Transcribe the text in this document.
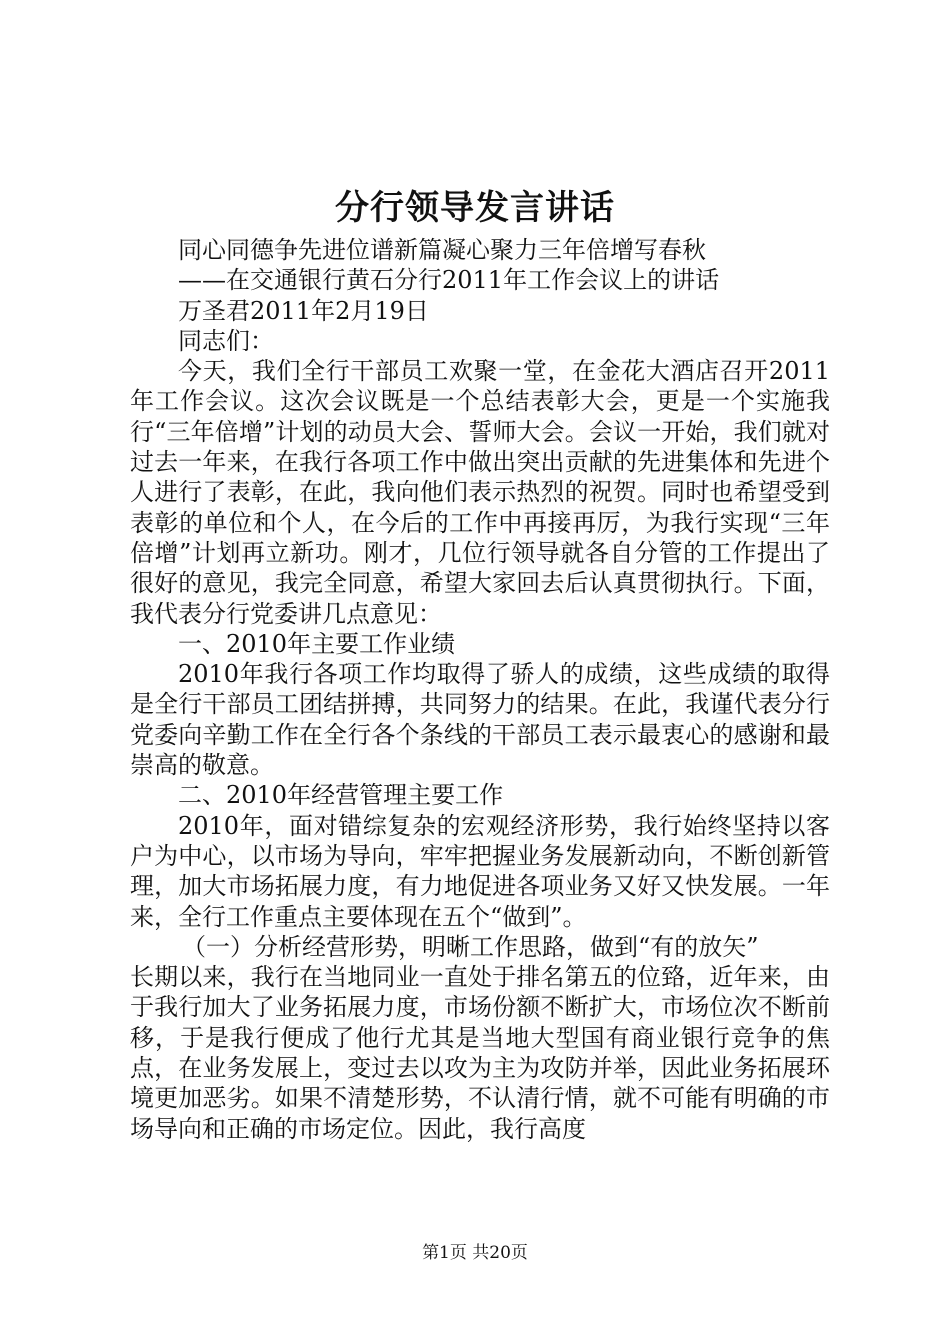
分行领导发言讲话
同心同德争先进位谱新篇凝心聚力三年倍增写春秋
——在交通银行黄石分行2011年工作会议上的讲话
万圣君2011年2月19日
同志们：
今天，我们全行干部员工欢聚一堂，在金花大酒店召开2011年工作会议。这次会议既是一个总结表彰大会，更是一个实施我行“三年倍增”计划的动员大会、誓师大会。会议一开始，我们就对过去一年来，在我行各项工作中做出突出贡献的先进集体和先进个人进行了表彰，在此，我向他们表示热烈的祝贺。同时也希望受到表彰的单位和个人，在今后的工作中再接再厉，为我行实现“三年倍增”计划再立新功。刚才，几位行领导就各自分管的工作提出了很好的意见，我完全同意，希望大家回去后认真贯彻执行。下面，我代表分行党委讲几点意见：
一、2010年主要工作业绩
2010年我行各项工作均取得了骄人的成绩，这些成绩的取得是全行干部员工团结拼搏，共同努力的结果。在此，我谨代表分行党委向辛勤工作在全行各个条线的干部员工表示最衷心的感谢和最崇高的敬意。
二、2010年经营管理主要工作
2010年，面对错综复杂的宏观经济形势，我行始终坚持以客户为中心，以市场为导向，牢牢把握业务发展新动向，不断创新管理，加大市场拓展力度，有力地促进各项业务又好又快发展。一年来，全行工作重点主要体现在五个“做到”。
（一）分析经营形势，明晰工作思路，做到“有的放矢”
长期以来，我行在当地同业一直处于排名第五的位臵，近年来，由于我行加大了业务拓展力度，市场份额不断扩大，市场位次不断前移，于是我行便成了他行尤其是当地大型国有商业银行竞争的焦点，在业务发展上，变过去以攻为主为攻防并举，因此业务拓展环境更加恶劣。如果不清楚形势，不认清行情，就不可能有明确的市场导向和正确的市场定位。因此，我行高度
第1页 共20页
